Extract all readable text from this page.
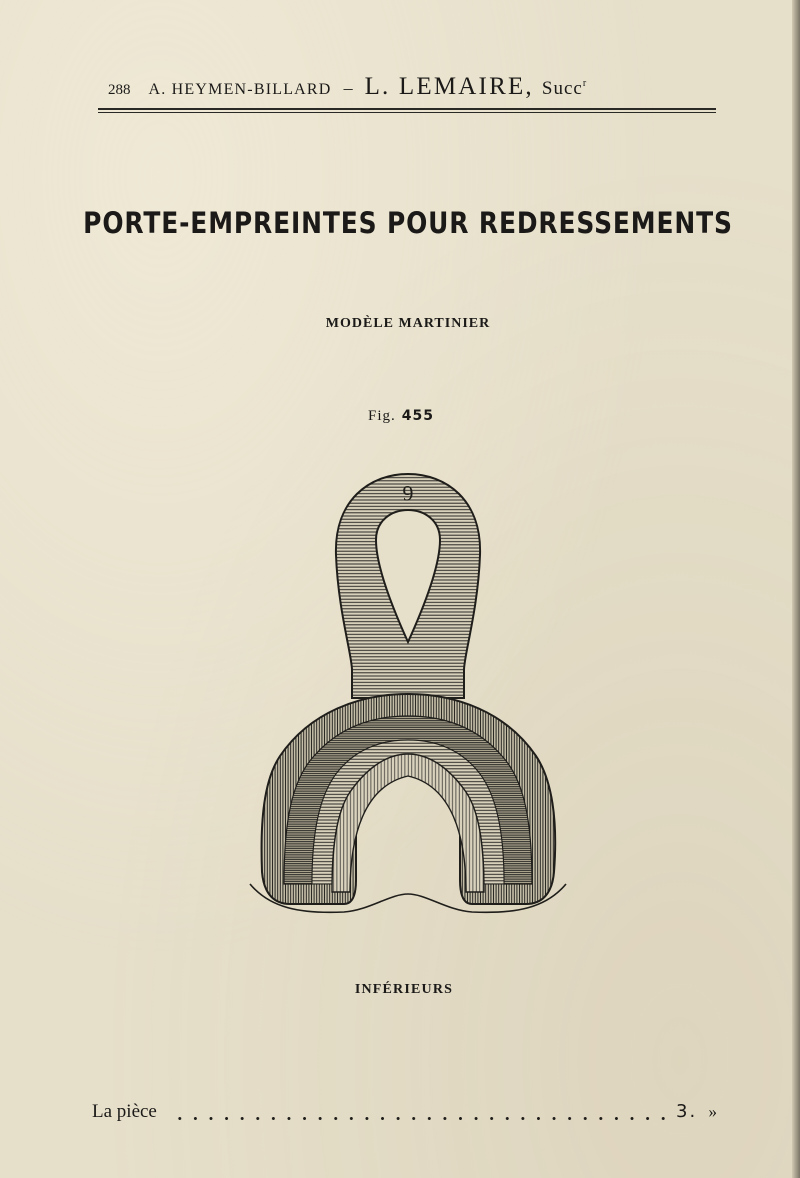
288 A. HEYMEN-BILLARD – L. LEMAIRE, Succ$^r$
PORTE-EMPREINTES POUR REDRESSEMENTS
MODÈLE MARTINIER
Fig. 455
6
INFÉRIEURS
La pièce	3. »
